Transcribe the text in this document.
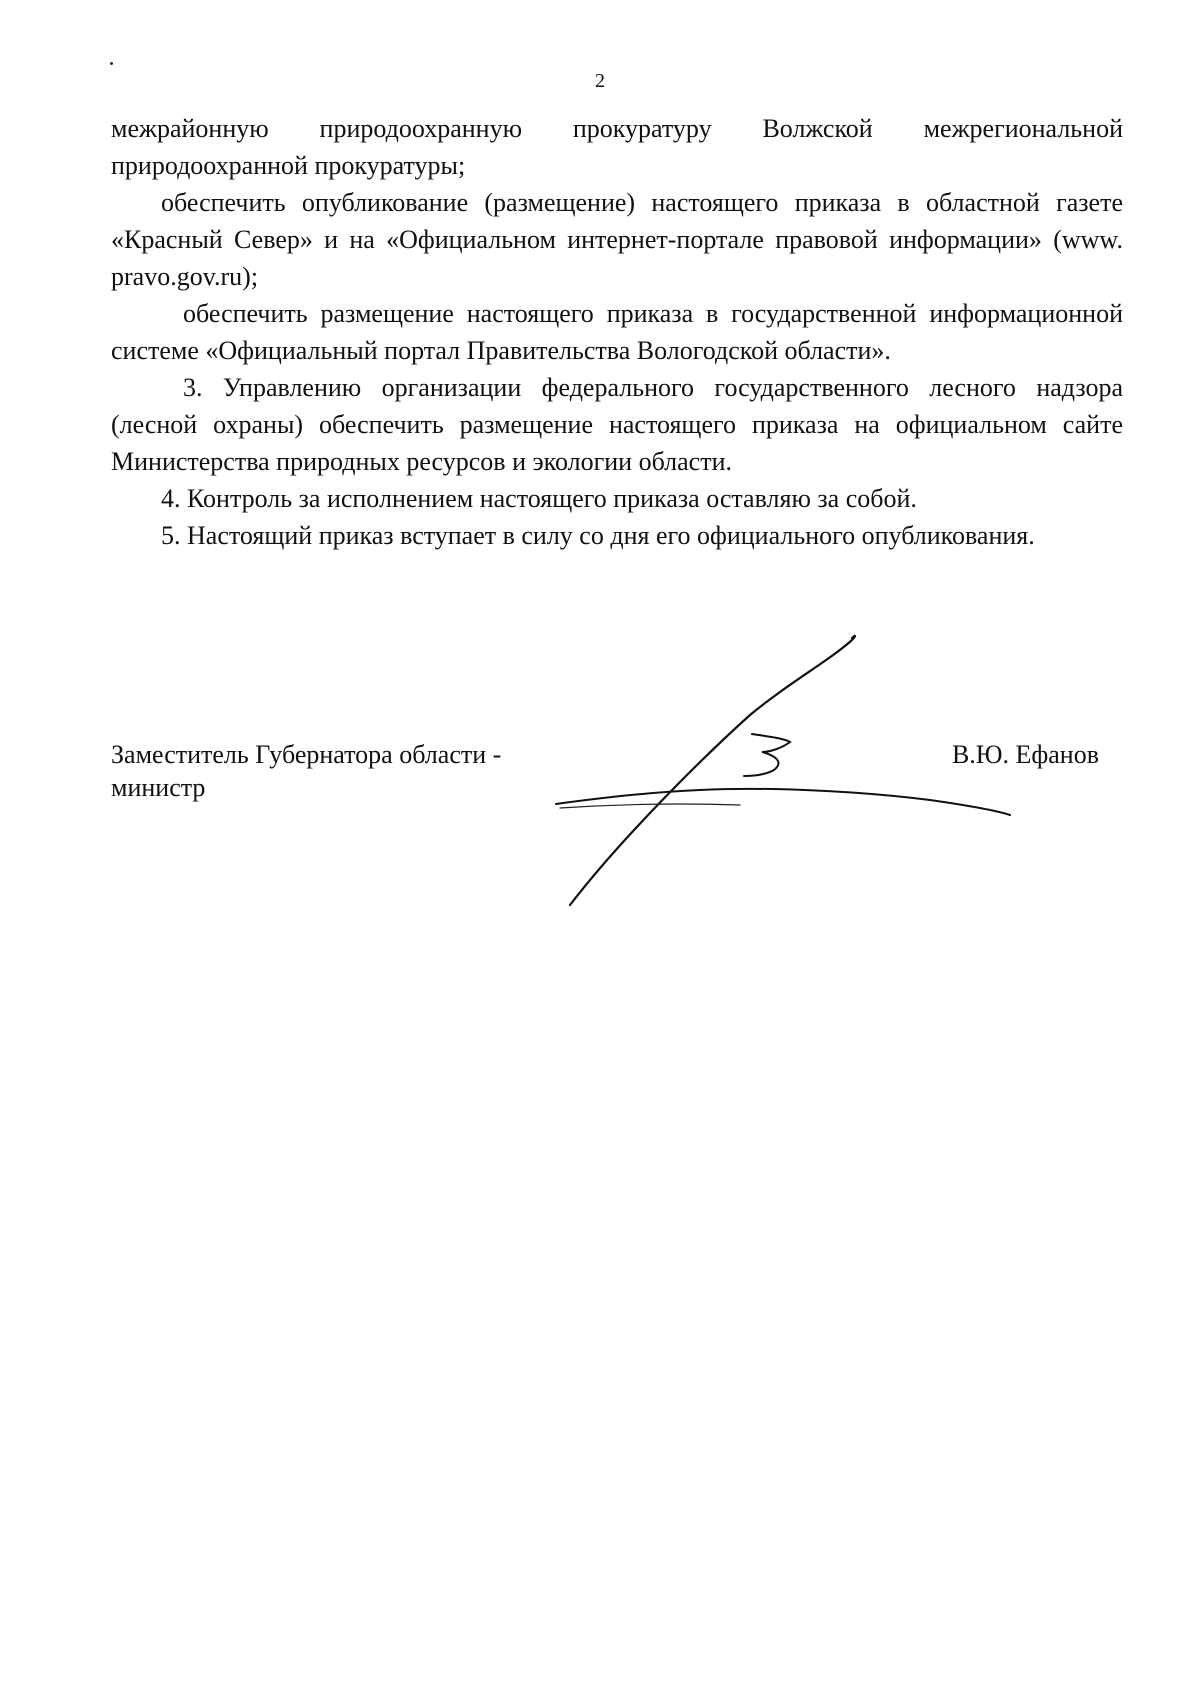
2

межрайонную природоохранную прокуратуру Волжской межрегиональной природоохранной прокуратуры;

обеспечить опубликование (размещение) настоящего приказа в областной газете «Красный Север» и на «Официальном интернет-портале правовой информации» (www. pravo.gov.ru);

обеспечить размещение настоящего приказа в государственной информационной системе «Официальный портал Правительства Вологодской области».

3. Управлению организации федерального государственного лесного надзора (лесной охраны) обеспечить размещение настоящего приказа на официальном сайте Министерства природных ресурсов и экологии области.

4. Контроль за исполнением настоящего приказа оставляю за собой.

5. Настоящий приказ вступает в силу со дня его официального опубликования.

Заместитель Губернатора области -
министр
В.Ю. Ефанов
